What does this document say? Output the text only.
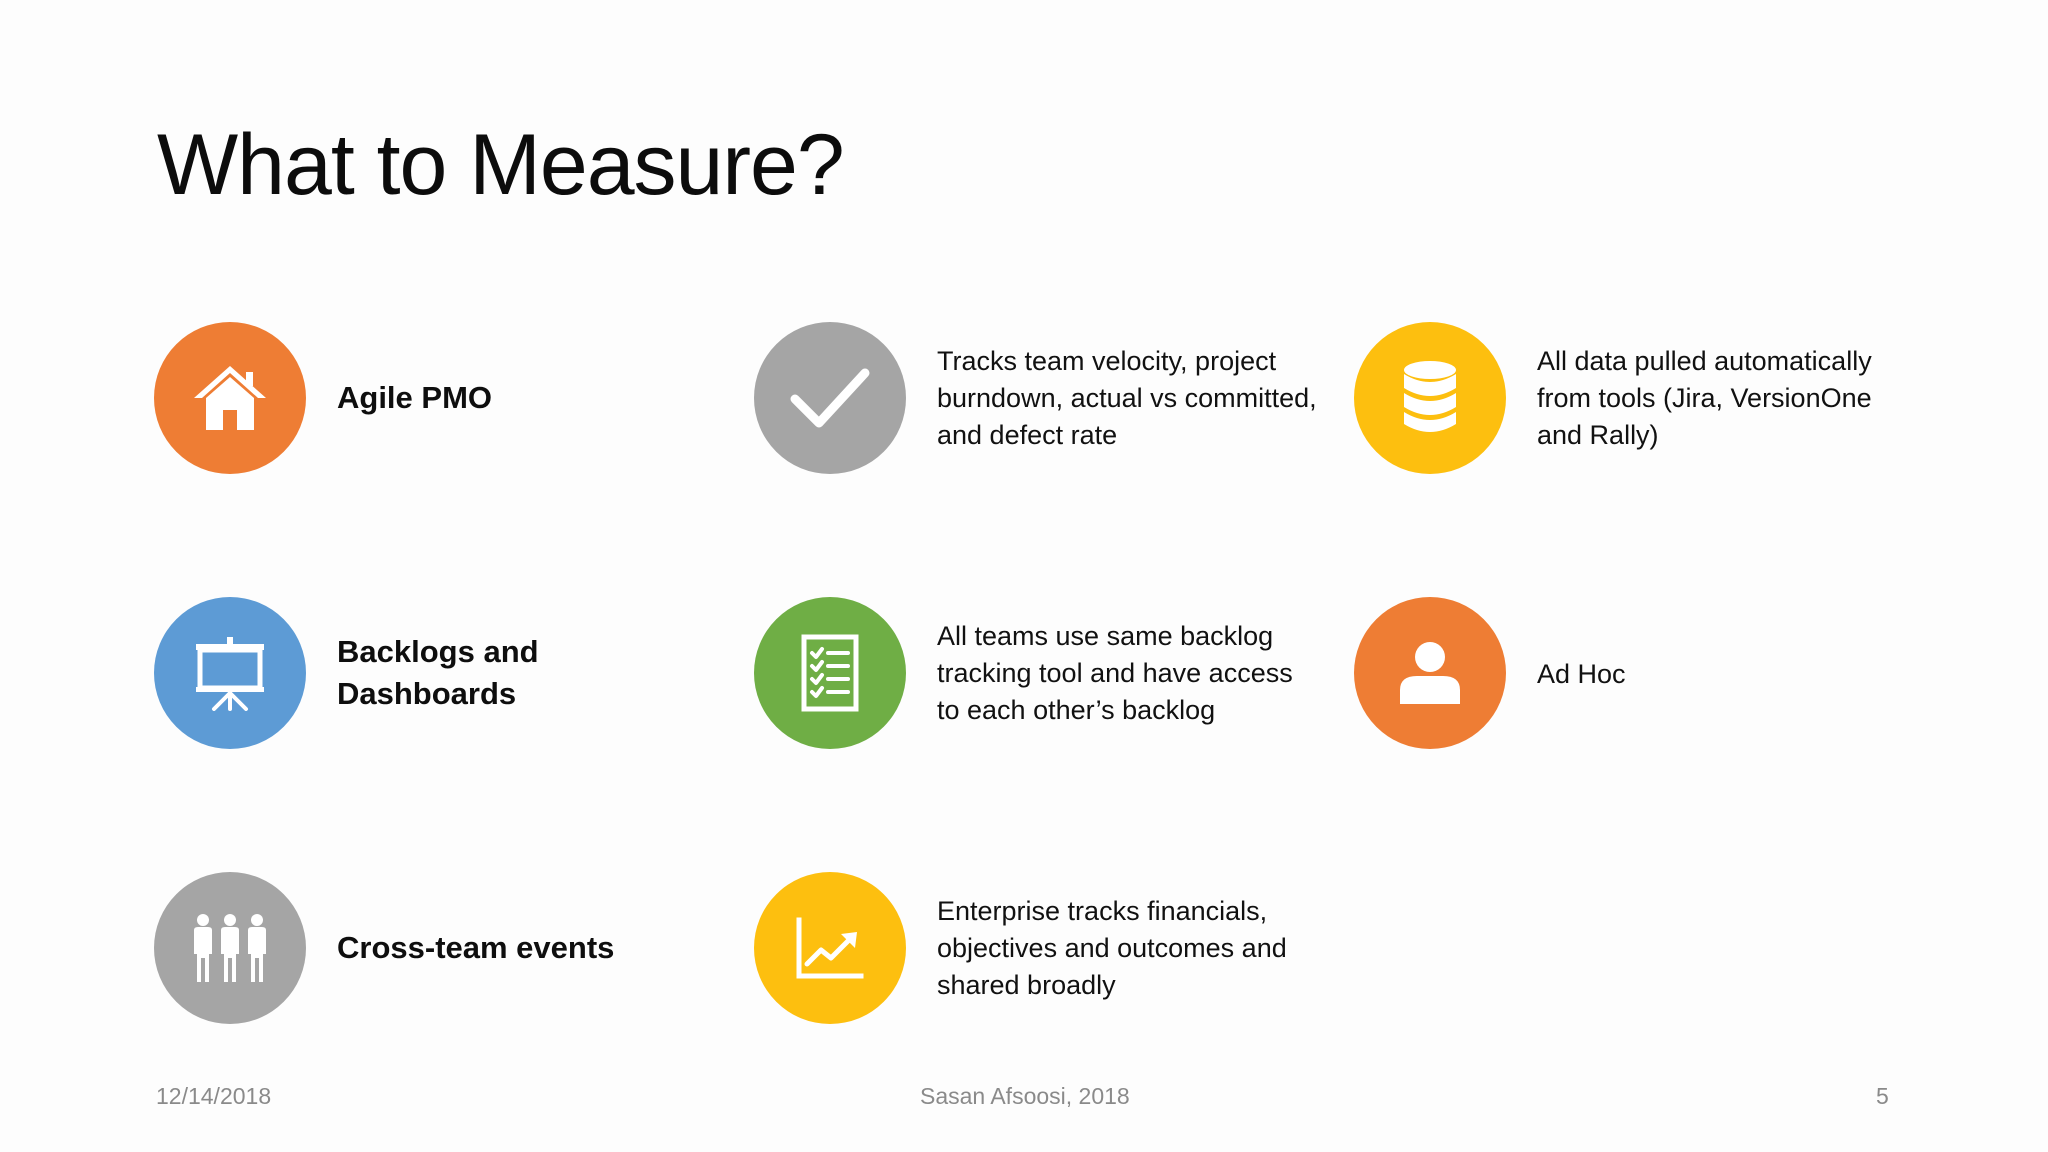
What to Measure?
Agile PMO
Tracks team velocity, project burndown, actual vs committed, and defect rate
All data pulled automatically from tools (Jira, VersionOne and Rally)
Backlogs and Dashboards
All teams use same backlog tracking tool and have access to each other’s backlog
Ad Hoc
Cross-team events
Enterprise tracks financials, objectives and outcomes and shared broadly
12/14/2018	Sasan Afsoosi, 2018	5
